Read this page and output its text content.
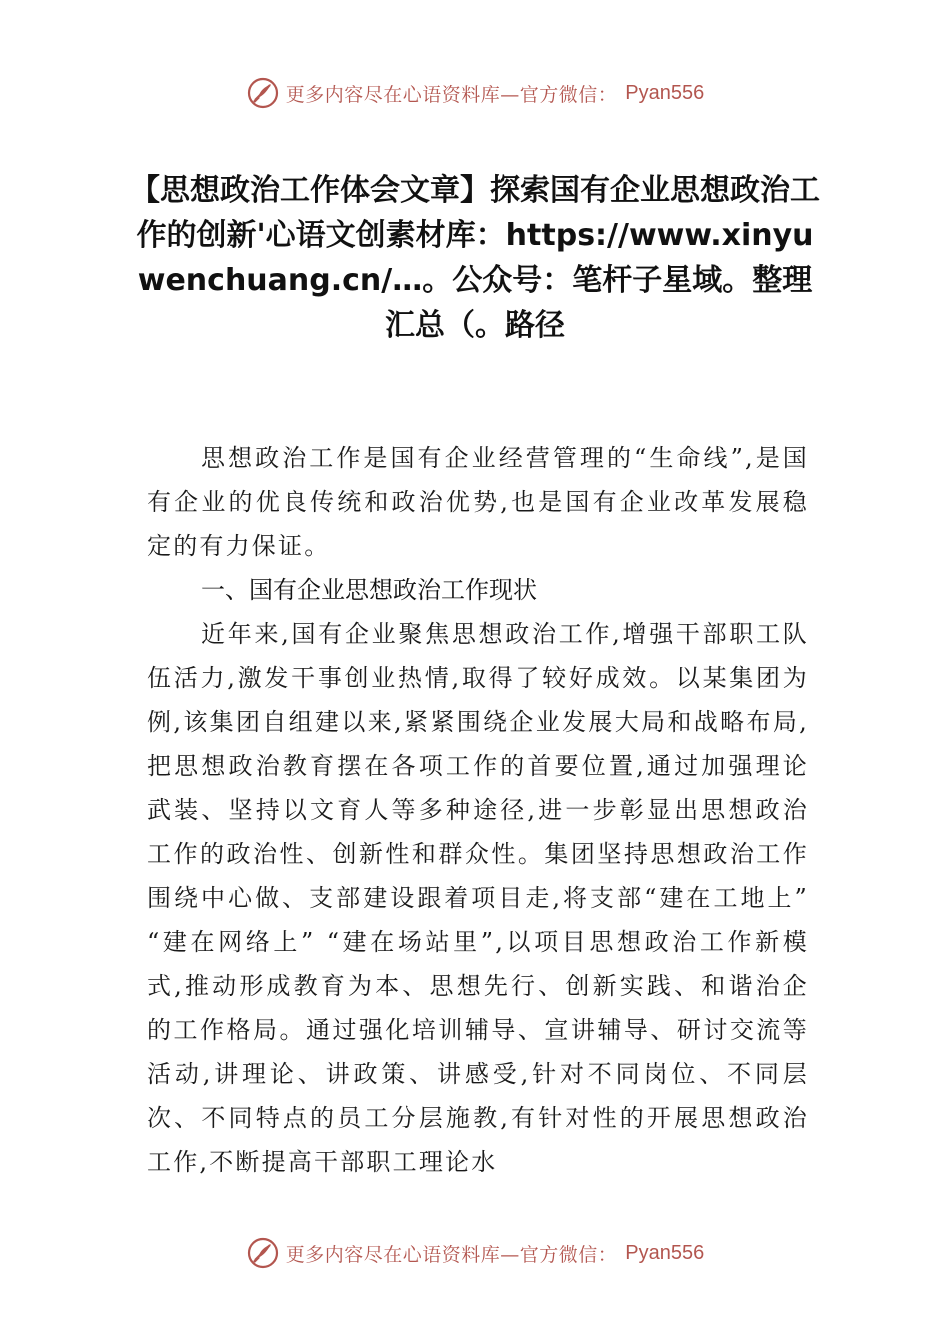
更多内容尽在心语资料库—官方微信： Pyan556
【思想政治工作体会文章】探索国有企业思想政治工作的创新'心语文创素材库：https://www.xinyuwenchuang.cn/…。公众号：笔杆子星域。整理汇总（。路径

思想政治工作是国有企业经营管理的“生命线”,是国有企业的优良传统和政治优势,也是国有企业改革发展稳定的有力保证。

一、国有企业思想政治工作现状

近年来,国有企业聚焦思想政治工作,增强干部职工队伍活力,激发干事创业热情,取得了较好成效。以某集团为例,该集团自组建以来,紧紧围绕企业发展大局和战略布局,把思想政治教育摆在各项工作的首要位置,通过加强理论武装、坚持以文育人等多种途径,进一步彰显出思想政治工作的政治性、创新性和群众性。集团坚持思想政治工作围绕中心做、支部建设跟着项目走,将支部“建在工地上” “建在网络上” “建在场站里”,以项目思想政治工作新模式,推动形成教育为本、思想先行、创新实践、和谐治企的工作格局。通过强化培训辅导、宣讲辅导、研讨交流等活动,讲理论、讲政策、讲感受,针对不同岗位、不同层次、不同特点的员工分层施教,有针对性的开展思想政治工作,不断提高干部职工理论水

更多内容尽在心语资料库—官方微信： Pyan556
